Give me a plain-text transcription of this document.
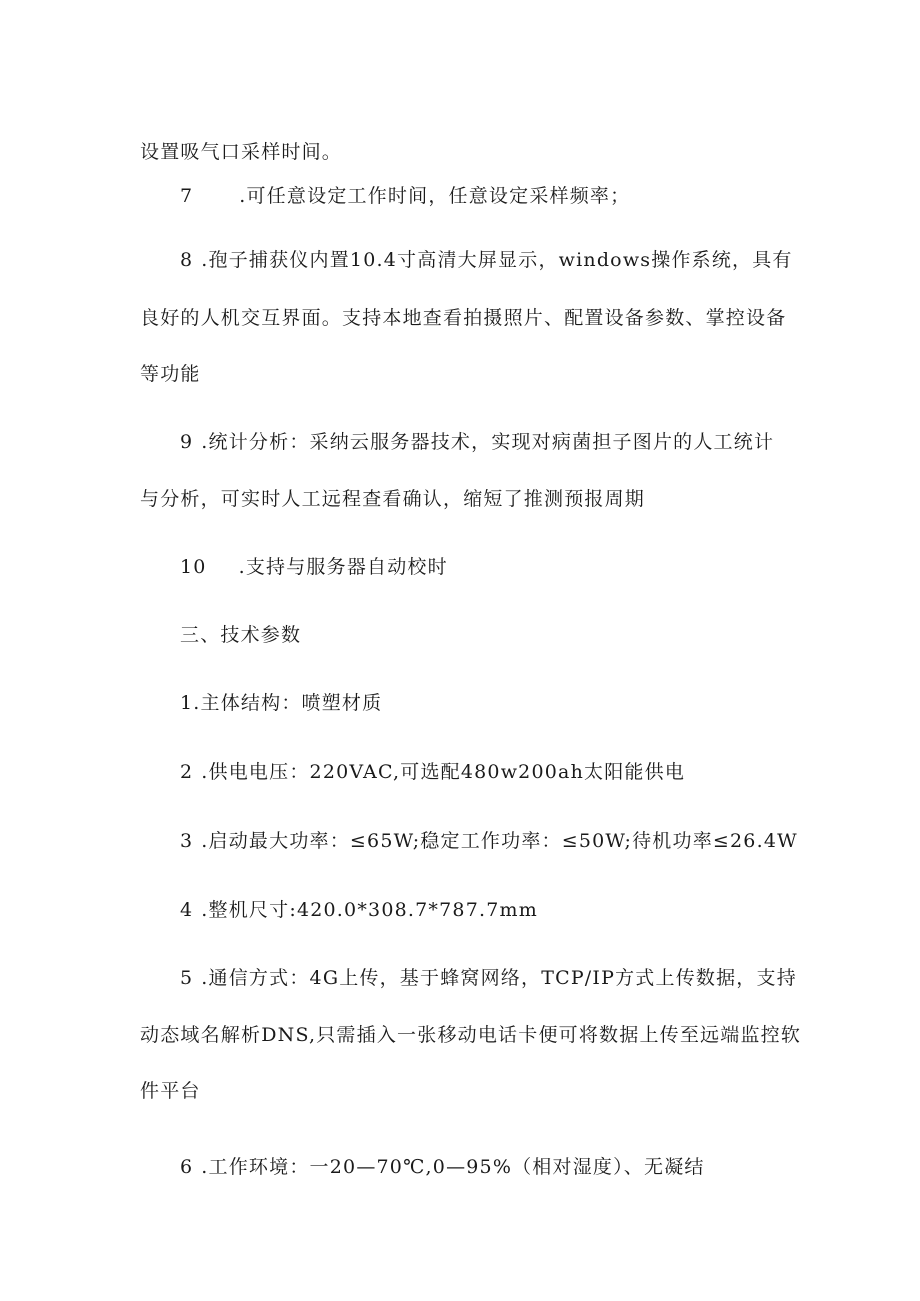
设置吸气口采样时间。
7 .可任意设定工作时间，任意设定采样频率；
8 .孢子捕获仪内置10.4寸高清大屏显示，windows操作系统，具有
良好的人机交互界面。支持本地查看拍摄照片、配置设备参数、掌控设备
等功能
9 .统计分析：采纳云服务器技术，实现对病菌担子图片的人工统计
与分析，可实时人工远程查看确认，缩短了推测预报周期
10 .支持与服务器自动校时
三、技术参数
1.主体结构：喷塑材质
2 .供电电压：220VAC,可选配480w200ah太阳能供电
3 .启动最大功率：≤65W;稳定工作功率：≤50W;待机功率≤26.4W
4 .整机尺寸:420.0*308.7*787.7mm
5 .通信方式：4G上传，基于蜂窝网络，TCP/IP方式上传数据，支持
动态域名解析DNS,只需插入一张移动电话卡便可将数据上传至远端监控软
件平台
6 .工作环境：一20—70℃,0—95%（相对湿度）、无凝结
